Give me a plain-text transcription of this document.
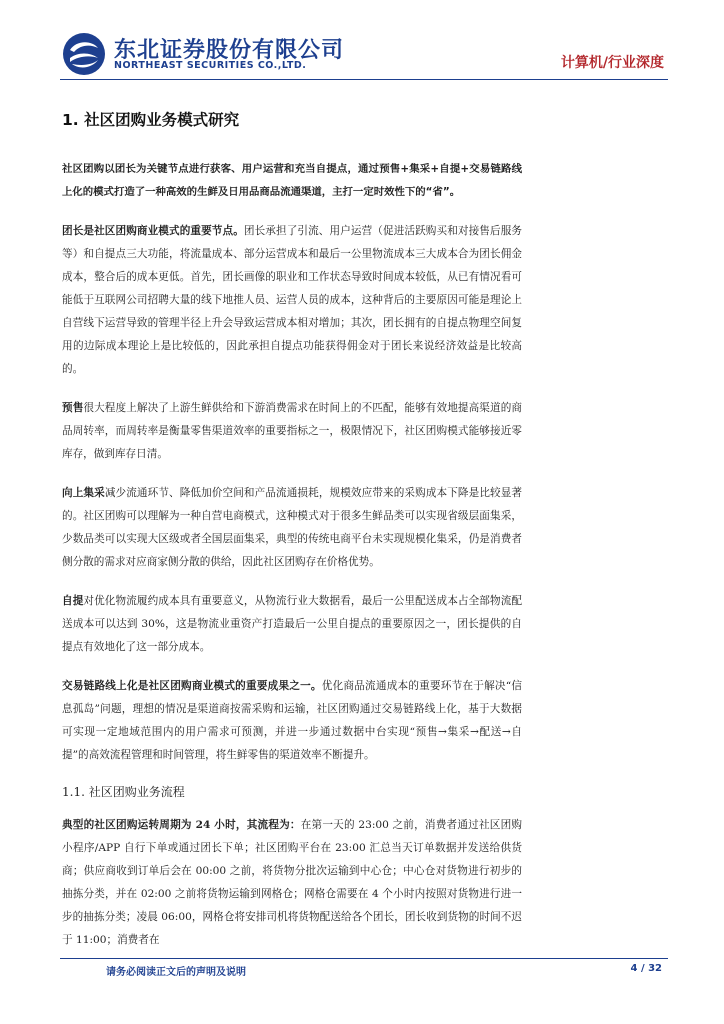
东北证券股份有限公司
NORTHEAST SECURITIES CO.,LTD.	计算机/行业深度
1. 社区团购业务模式研究

社区团购以团长为关键节点进行获客、用户运营和充当自提点，通过预售+集采+自提+交易链路线上化的模式打造了一种高效的生鲜及日用品商品流通渠道，主打一定时效性下的“省”。

团长是社区团购商业模式的重要节点。团长承担了引流、用户运营（促进活跃购买和对接售后服务等）和自提点三大功能，将流量成本、部分运营成本和最后一公里物流成本三大成本合为团长佣金成本，整合后的成本更低。首先，团长画像的职业和工作状态导致时间成本较低，从已有情况看可能低于互联网公司招聘大量的线下地推人员、运营人员的成本，这种背后的主要原因可能是理论上自营线下运营导致的管理半径上升会导致运营成本相对增加；其次，团长拥有的自提点物理空间复用的边际成本理论上是比较低的，因此承担自提点功能获得佣金对于团长来说经济效益是比较高的。

预售很大程度上解决了上游生鲜供给和下游消费需求在时间上的不匹配，能够有效地提高渠道的商品周转率，而周转率是衡量零售渠道效率的重要指标之一，极限情况下，社区团购模式能够接近零库存，做到库存日清。

向上集采减少流通环节、降低加价空间和产品流通损耗，规模效应带来的采购成本下降是比较显著的。社区团购可以理解为一种自营电商模式，这种模式对于很多生鲜品类可以实现省级层面集采，少数品类可以实现大区级或者全国层面集采，典型的传统电商平台未实现规模化集采，仍是消费者侧分散的需求对应商家侧分散的供给，因此社区团购存在价格优势。

自提对优化物流履约成本具有重要意义，从物流行业大数据看，最后一公里配送成本占全部物流配送成本可以达到 30%，这是物流业重资产打造最后一公里自提点的重要原因之一，团长提供的自提点有效地化了这一部分成本。

交易链路线上化是社区团购商业模式的重要成果之一。优化商品流通成本的重要环节在于解决“信息孤岛”问题，理想的情况是渠道商按需采购和运输，社区团购通过交易链路线上化，基于大数据可实现一定地域范围内的用户需求可预测，并进一步通过数据中台实现“预售→集采→配送→自提”的高效流程管理和时间管理，将生鲜零售的渠道效率不断提升。

1.1. 社区团购业务流程

典型的社区团购运转周期为 24 小时，其流程为：在第一天的 23:00 之前，消费者通过社区团购小程序/APP 自行下单或通过团长下单；社区团购平台在 23:00 汇总当天订单数据并发送给供货商；供应商收到订单后会在 00:00 之前，将货物分批次运输到中心仓；中心仓对货物进行初步的抽拣分类，并在 02:00 之前将货物运输到网格仓；网格仓需要在 4 个小时内按照对货物进行进一步的抽拣分类；凌晨 06:00，网格仓将安排司机将货物配送给各个团长，团长收到货物的时间不迟于 11:00；消费者在

请务必阅读正文后的声明及说明	4 / 32
